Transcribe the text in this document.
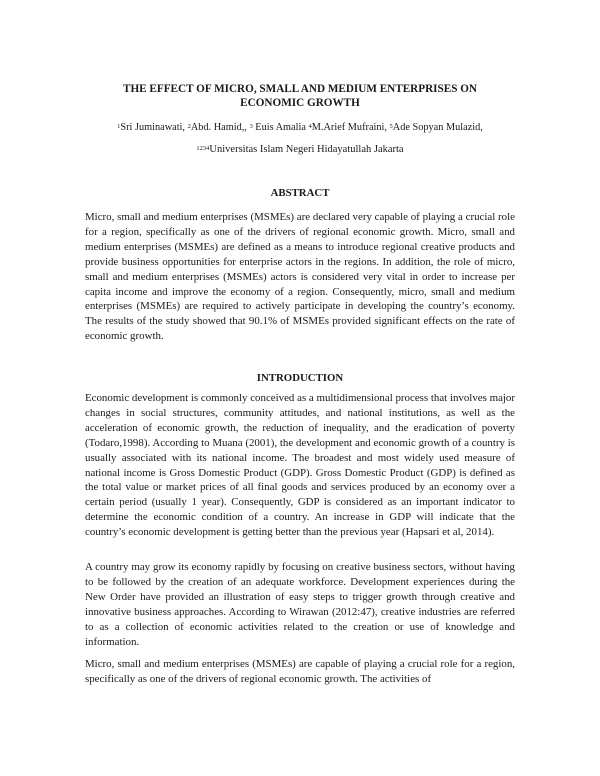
THE EFFECT OF MICRO, SMALL AND MEDIUM ENTERPRISES ON
ECONOMIC GROWTH
$^1$Sri Juminawati, $^2$Abd. Hamid,, $^3$ Euis Amalia $^4$M.Arief Mufraini, $^5$Ade Sopyan Mulazid,
$^{1234}$Universitas Islam Negeri Hidayatullah Jakarta
ABSTRACT

Micro, small and medium enterprises (MSMEs) are declared very capable of playing a crucial role for a region, specifically as one of the drivers of regional economic growth. Micro, small and medium enterprises (MSMEs) are defined as a means to introduce regional creative products and provide business opportunities for enterprise actors in the regions. In addition, the role of micro, small and medium enterprises (MSMEs) actors is considered very vital in order to increase per capita income and improve the economy of a region. Consequently, micro, small and medium enterprises (MSMEs) are required to actively participate in developing the country’s economy. The results of the study showed that 90.1% of MSMEs provided significant effects on the rate of economic growth.

INTRODUCTION

Economic development is commonly conceived as a multidimensional process that involves major changes in social structures, community attitudes, and national institutions, as well as the acceleration of economic growth, the reduction of inequality, and the eradication of poverty (Todaro,1998). According to Muana (2001), the development and economic growth of a country is usually associated with its national income. The broadest and most widely used measure of national income is Gross Domestic Product (GDP). Gross Domestic Product (GDP) is defined as the total value or market prices of all final goods and services produced by an economy over a certain period (usually 1 year). Consequently, GDP is considered as an important indicator to determine the economic condition of a country. An increase in GDP will indicate that the country’s economic development is getting better than the previous year (Hapsari et al, 2014).

A country may grow its economy rapidly by focusing on creative business sectors, without having to be followed by the creation of an adequate workforce. Development experiences during the New Order have provided an illustration of easy steps to trigger growth through creative and innovative business approaches. According to Wirawan (2012:47), creative industries are referred to as a collection of economic activities related to the creation or use of knowledge and information.

Micro, small and medium enterprises (MSMEs) are capable of playing a crucial role for a region, specifically as one of the drivers of regional economic growth. The activities of
